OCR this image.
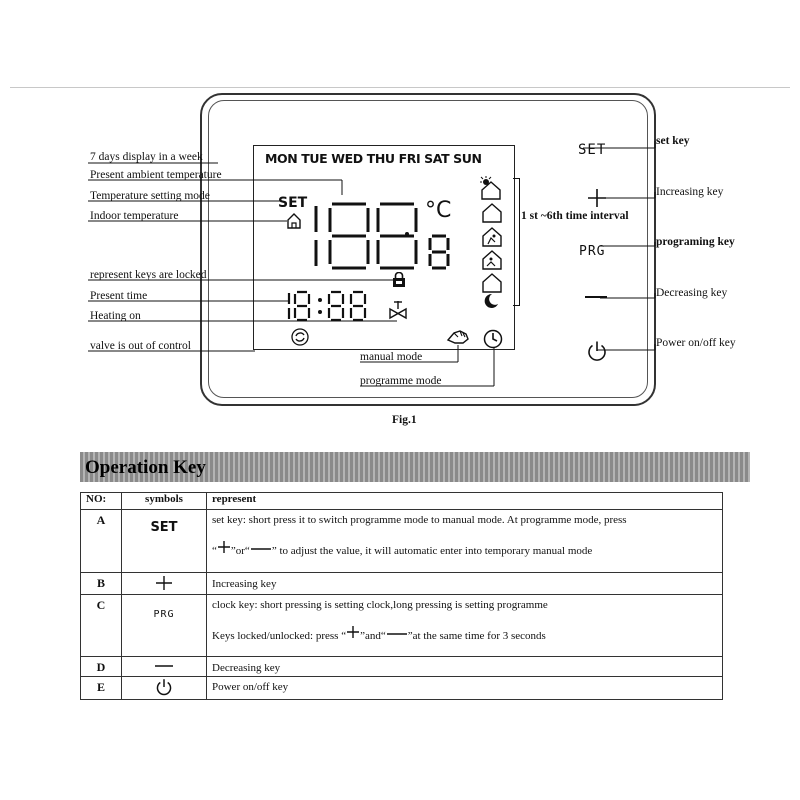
7 days display in a week
Present ambient temperature
Temperature setting mode
Indoor temperature
represent keys are locked
Present time
Heating on
valve is out of control
manual mode
programme mode
1 st ~6th time interval
MON TUE WED THU FRI SAT SUN
SET	°C
SET
set key
Increasing key
PRG
programing key
Decreasing key
Power on/off key
Fig.1
Operation Key
NO:	symbols	represent
A	SET	set key: short press it to switch programme mode to manual mode. At programme mode, press
“ ”or“ ” to adjust the value, it will automatic enter into temporary manual mode

B		Increasing key
C	PRG	clock key: short pressing is setting clock,long pressing is setting programme
Keys locked/unlocked: press “ ”and“ ”at the same time for 3 seconds

D		Decreasing key
E		Power on/off key
